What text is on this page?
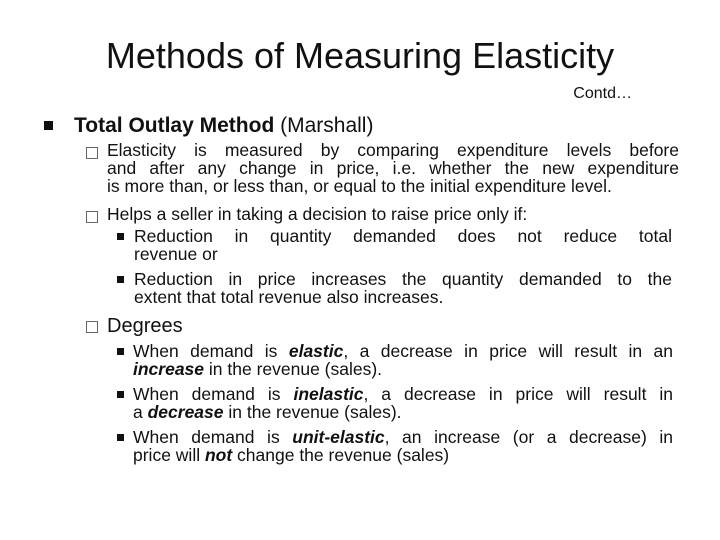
Methods of Measuring Elasticity
Contd…
Total Outlay Method (Marshall)
Elasticity is measured by comparing expenditure levels before
and after any change in price, i.e. whether the new expenditure
is more than, or less than, or equal to the initial expenditure level.
Helps a seller in taking a decision to raise price only if:
Reduction in quantity demanded does not reduce total
revenue or
Reduction in price increases the quantity demanded to the
extent that total revenue also increases.
Degrees
When demand is elastic, a decrease in price will result in an
increase in the revenue (sales).
When demand is inelastic, a decrease in price will result in
a decrease in the revenue (sales).
When demand is unit-elastic, an increase (or a decrease) in
price will not change the revenue (sales)
